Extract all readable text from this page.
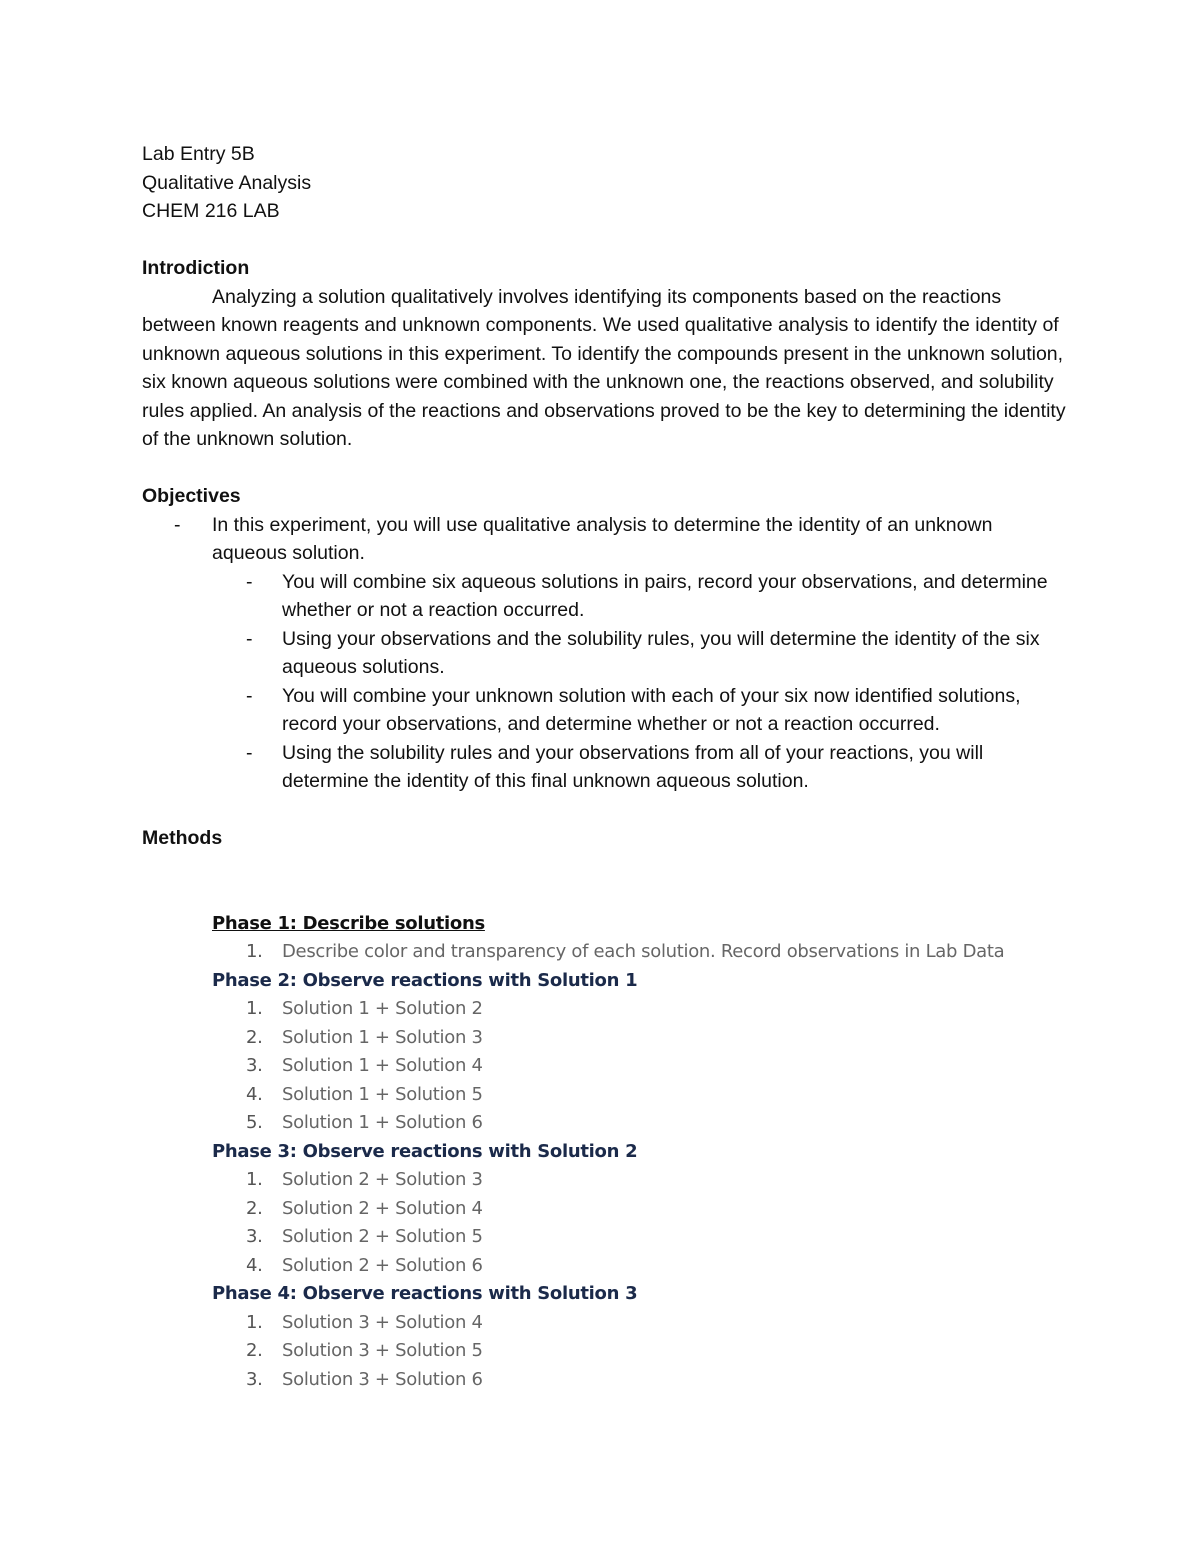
Lab Entry 5B

Qualitative Analysis

CHEM 216 LAB

Introdiction

Analyzing a solution qualitatively involves identifying its components based on the reactions between known reagents and unknown components. We used qualitative analysis to identify the identity of unknown aqueous solutions in this experiment. To identify the compounds present in the unknown solution, six known aqueous solutions were combined with the unknown one, the reactions observed, and solubility rules applied. An analysis of the reactions and observations proved to be the key to determining the identity of the unknown solution.

Objectives

- In this experiment, you will use qualitative analysis to determine the identity of an unknown aqueous solution.
- You will combine six aqueous solutions in pairs, record your observations, and determine whether or not a reaction occurred.
- Using your observations and the solubility rules, you will determine the identity of the six aqueous solutions.
- You will combine your unknown solution with each of your six now identified solutions, record your observations, and determine whether or not a reaction occurred.
- Using the solubility rules and your observations from all of your reactions, you will determine the identity of this final unknown aqueous solution.

Methods

Phase 1: Describe solutions

1. Describe color and transparency of each solution. Record observations in Lab Data

Phase 2: Observe reactions with Solution 1

1. Solution 1 + Solution 2
2. Solution 1 + Solution 3
3. Solution 1 + Solution 4
4. Solution 1 + Solution 5
5. Solution 1 + Solution 6

Phase 3: Observe reactions with Solution 2

1. Solution 2 + Solution 3
2. Solution 2 + Solution 4
3. Solution 2 + Solution 5
4. Solution 2 + Solution 6

Phase 4: Observe reactions with Solution 3

1. Solution 3 + Solution 4
2. Solution 3 + Solution 5
3. Solution 3 + Solution 6
